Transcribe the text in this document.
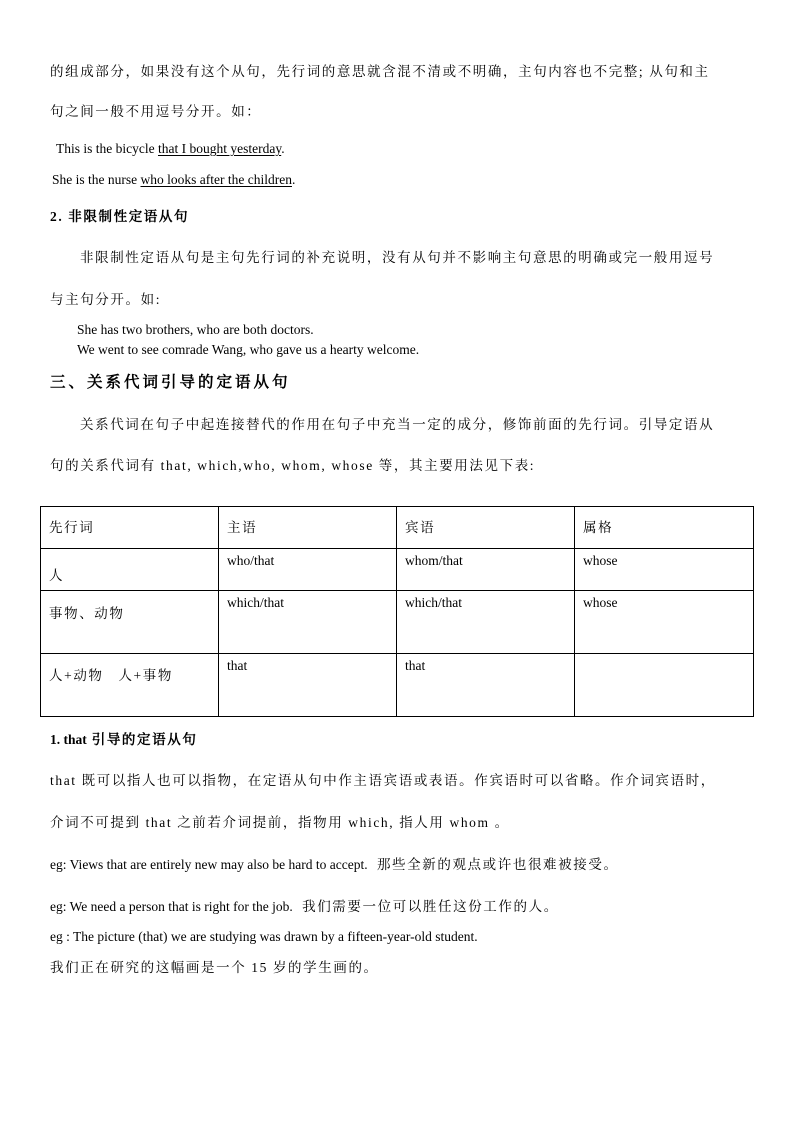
的组成部分，如果没有这个从句，先行词的意思就含混不清或不明确，主句内容也不完整; 从句和主
句之间一般不用逗号分开。如：
This is the bicycle that I bought yesterday.
She is the nurse who looks after the children.
2. 非限制性定语从句
非限制性定语从句是主句先行词的补充说明，没有从句并不影响主句意思的明确或完一般用逗号
与主句分开。如:
She has two brothers, who are both doctors.
We went to see comrade Wang, who gave us a hearty welcome.
三、关系代词引导的定语从句
关系代词在句子中起连接替代的作用在句子中充当一定的成分，修饰前面的先行词。引导定语从
句的关系代词有 that, which,who, whom, whose 等，其主要用法见下表:
先行词	主语	宾语	属格

人	who/that	whom/that	whose

事物、动物	which/that	which/that	whose

人+动物   人+事物	that	that	

1. that 引导的定语从句
that 既可以指人也可以指物，在定语从句中作主语宾语或表语。作宾语时可以省略。作介词宾语时，
介词不可提到 that 之前若介词提前，指物用 which, 指人用 whom 。
eg: Views that are entirely new may also be hard to accept. 那些全新的观点或许也很难被接受。
eg: We need a person that is right for the job. 我们需要一位可以胜任这份工作的人。
eg : The picture (that) we are studying was drawn by a fifteen-year-old student.
我们正在研究的这幅画是一个 15 岁的学生画的。
